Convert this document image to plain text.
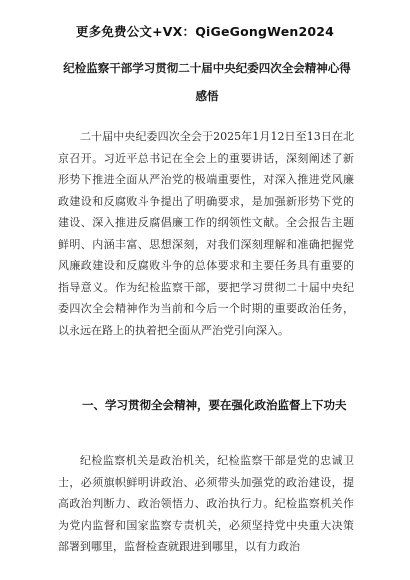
更多免费公文+VX：QiGeGongWen2024
纪检监察干部学习贯彻二十届中央纪委四次全会精神心得感悟

二十届中央纪委四次全会于2025年1月12日至13日在北京召开。习近平总书记在全会上的重要讲话，深刻阐述了新形势下推进全面从严治党的极端重要性，对深入推进党风廉政建设和反腐败斗争提出了明确要求，是加强新形势下党的建设、深入推进反腐倡廉工作的纲领性文献。全会报告主题鲜明、内涵丰富、思想深刻，对我们深刻理解和准确把握党风廉政建设和反腐败斗争的总体要求和主要任务具有重要的指导意义。作为纪检监察干部，要把学习贯彻二十届中央纪委四次全会精神作为当前和今后一个时期的重要政治任务，以永远在路上的执着把全面从严治党引向深入。

一、学习贯彻全会精神，要在强化政治监督上下功夫

纪检监察机关是政治机关，纪检监察干部是党的忠诚卫士，必须旗帜鲜明讲政治、必须带头加强党的政治建设，提高政治判断力、政治领悟力、政治执行力。纪检监察机关作为党内监督和国家监察专责机关，必须坚持党中央重大决策部署到哪里，监督检查就跟进到哪里，以有力政治
